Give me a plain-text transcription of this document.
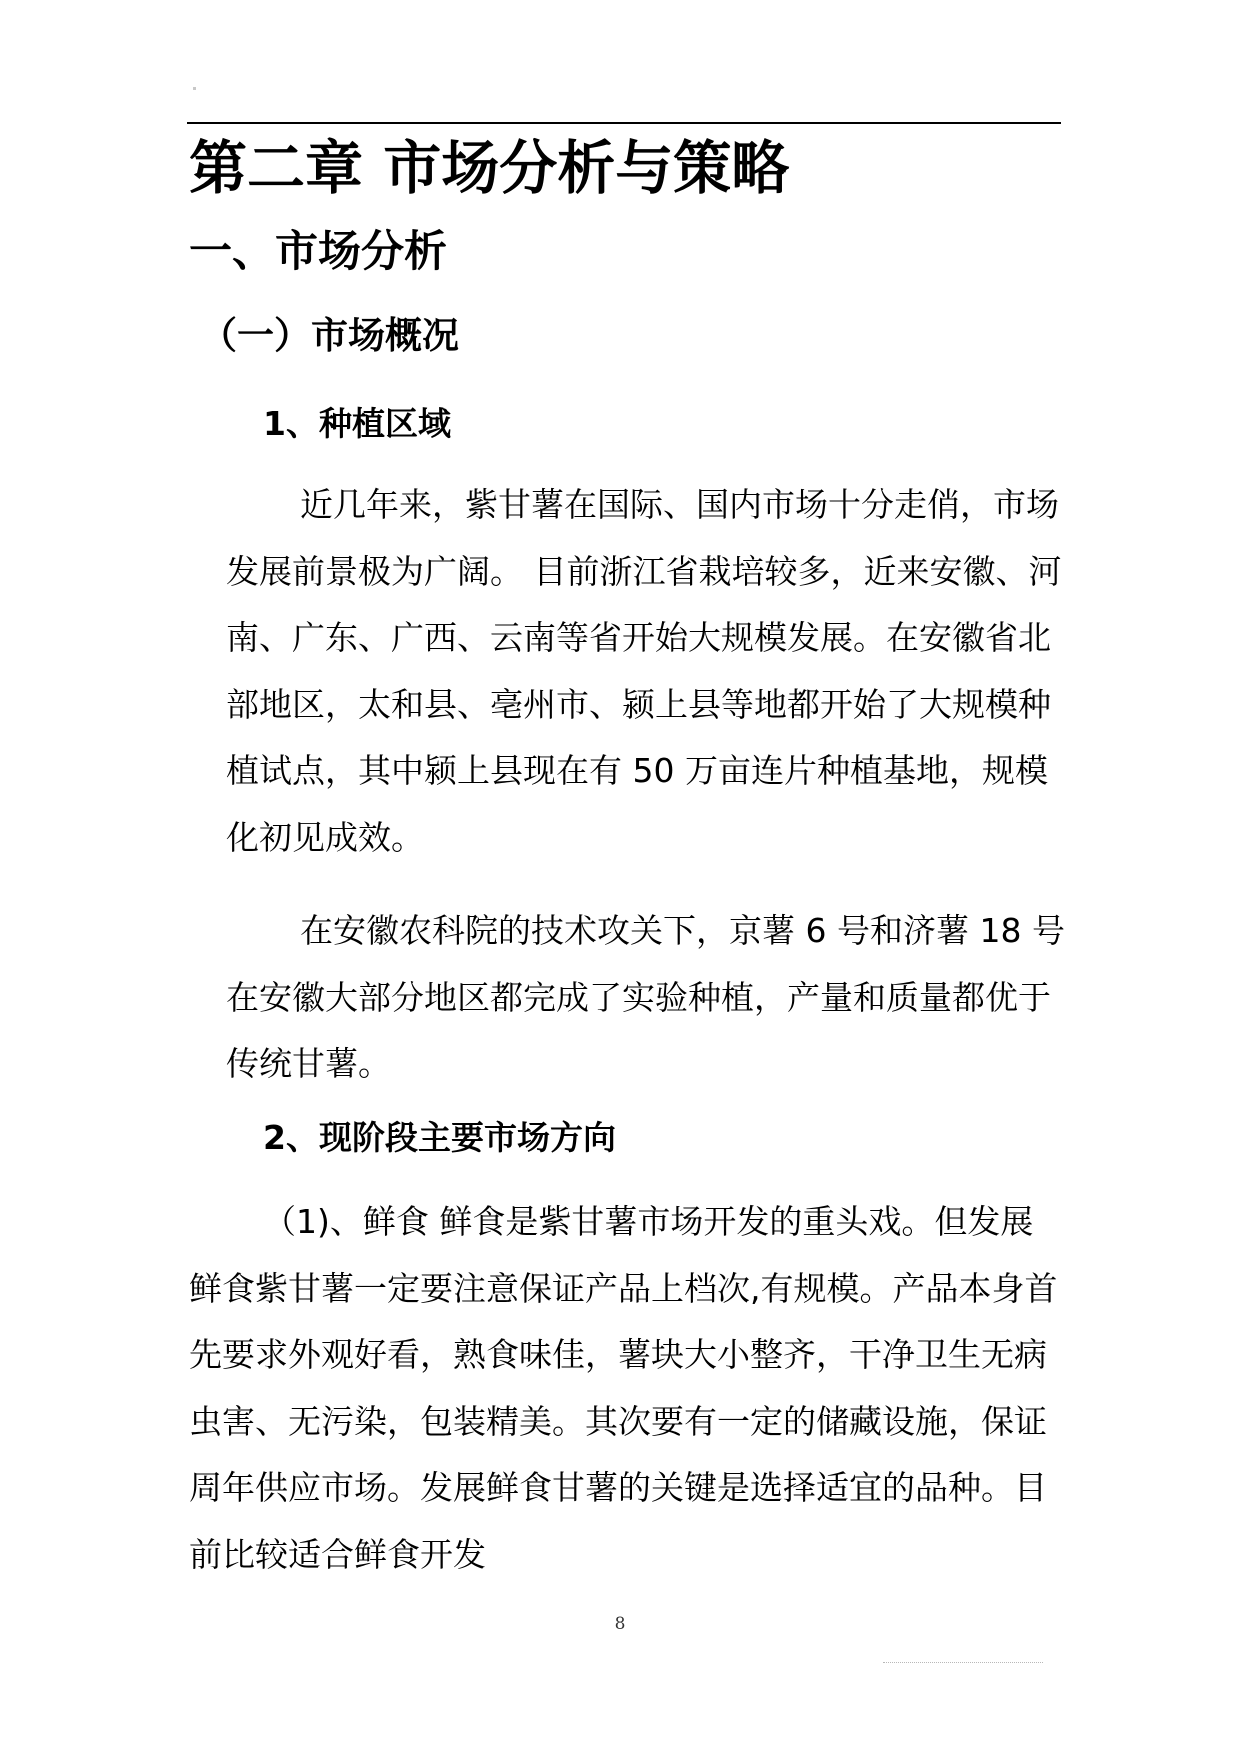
第二章 市场分析与策略
一、市场分析
（一）市场概况
1、种植区域

近几年来，紫甘薯在国际、国内市场十分走俏，市场发展前景极为广阔。 目前浙江省栽培较多，近来安徽、河南、广东、广西、云南等省开始大规模发展。在安徽省北部地区，太和县、亳州市、颍上县等地都开始了大规模种植试点，其中颍上县现在有 50 万亩连片种植基地，规模化初见成效。

在安徽农科院的技术攻关下，京薯 6 号和济薯 18 号在安徽大部分地区都完成了实验种植，产量和质量都优于传统甘薯。

2、现阶段主要市场方向

（1)、鲜食 鲜食是紫甘薯市场开发的重头戏。但发展鲜食紫甘薯一定要注意保证产品上档次,有规模。产品本身首先要求外观好看，熟食味佳，薯块大小整齐，干净卫生无病虫害、无污染，包装精美。其次要有一定的储藏设施，保证周年供应市场。发展鲜食甘薯的关键是选择适宜的品种。目前比较适合鲜食开发

8
